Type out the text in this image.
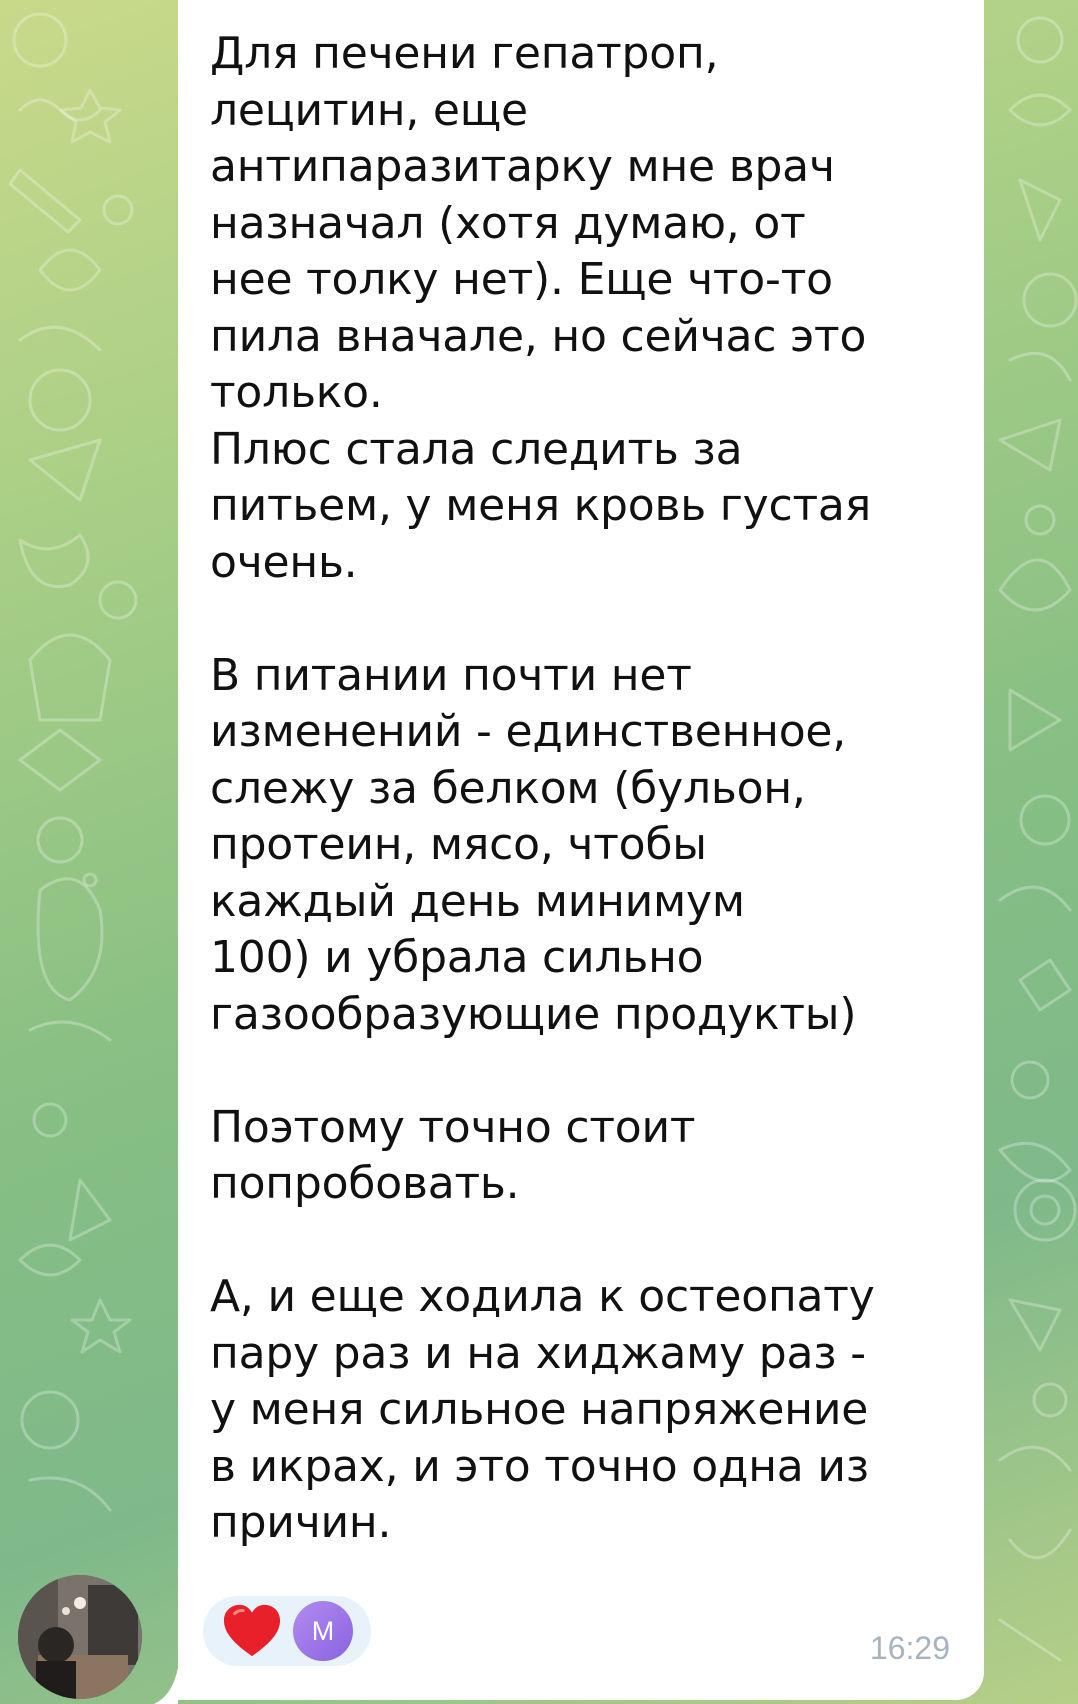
Для печени гепатроп,
лецитин, еще
антипаразитарку мне врач
назначал (хотя думаю, от
нее толку нет). Еще что-то
пила вначале, но сейчас это
только.
Плюс стала следить за
питьем, у меня кровь густая
очень.

В питании почти нет
изменений - единственное,
слежу за белком (бульон,
протеин, мясо, чтобы
каждый день минимум
100) и убрала сильно
газообразующие продукты)

Поэтому точно стоит
попробовать.

А, и еще ходила к остеопату
пару раз и на хиджаму раз -
у меня сильное напряжение
в икрах, и это точно одна из
причин.
M	16:29
